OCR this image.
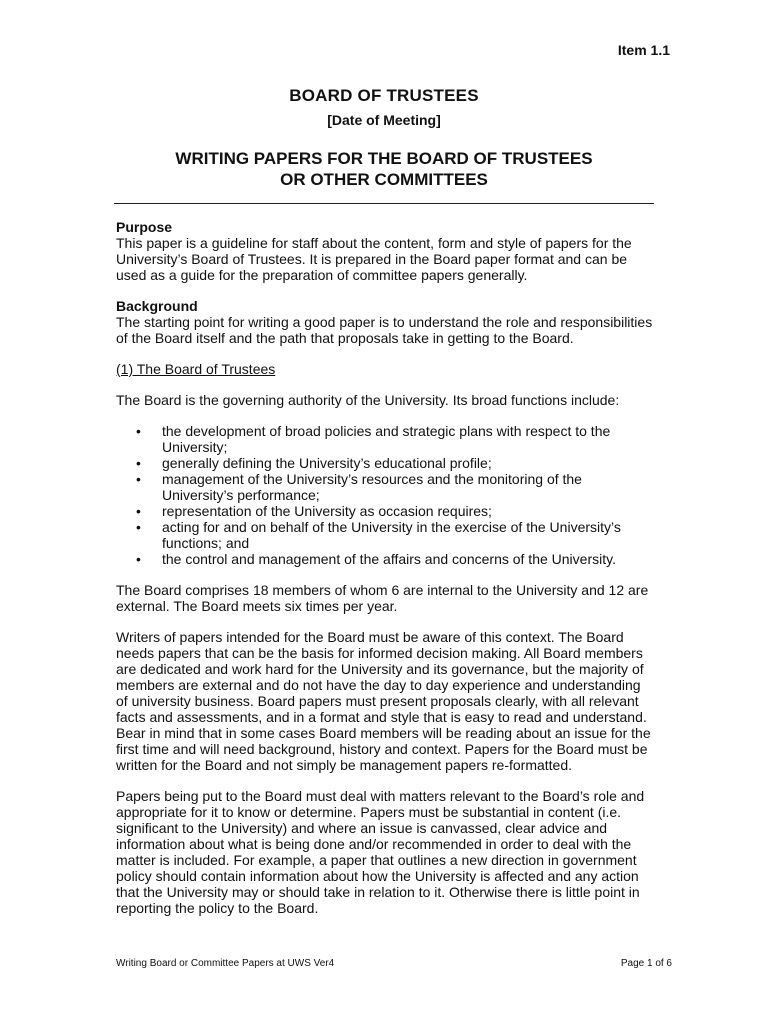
Item 1.1
BOARD OF TRUSTEES
[Date of Meeting]
WRITING PAPERS FOR THE BOARD OF TRUSTEES
OR OTHER COMMITTEES
Purpose

This paper is a guideline for staff about the content, form and style of papers for the University’s Board of Trustees. It is prepared in the Board paper format and can be used as a guide for the preparation of committee papers generally.

Background

The starting point for writing a good paper is to understand the role and responsibilities of the Board itself and the path that proposals take in getting to the Board.

(1) The Board of Trustees

The Board is the governing authority of the University. Its broad functions include:

• the development of broad policies and strategic plans with respect to the University;
• generally defining the University’s educational profile;
• management of the University’s resources and the monitoring of the University’s performance;
• representation of the University as occasion requires;
• acting for and on behalf of the University in the exercise of the University’s functions; and
• the control and management of the affairs and concerns of the University.

The Board comprises 18 members of whom 6 are internal to the University and 12 are external. The Board meets six times per year.

Writers of papers intended for the Board must be aware of this context. The Board needs papers that can be the basis for informed decision making. All Board members are dedicated and work hard for the University and its governance, but the majority of members are external and do not have the day to day experience and understanding of university business. Board papers must present proposals clearly, with all relevant facts and assessments, and in a format and style that is easy to read and understand. Bear in mind that in some cases Board members will be reading about an issue for the first time and will need background, history and context. Papers for the Board must be written for the Board and not simply be management papers re-formatted.

Papers being put to the Board must deal with matters relevant to the Board’s role and appropriate for it to know or determine. Papers must be substantial in content (i.e. significant to the University) and where an issue is canvassed, clear advice and information about what is being done and/or recommended in order to deal with the matter is included. For example, a paper that outlines a new direction in government policy should contain information about how the University is affected and any action that the University may or should take in relation to it. Otherwise there is little point in reporting the policy to the Board.

Writing Board or Committee Papers at UWS Ver4	Page 1 of 6
